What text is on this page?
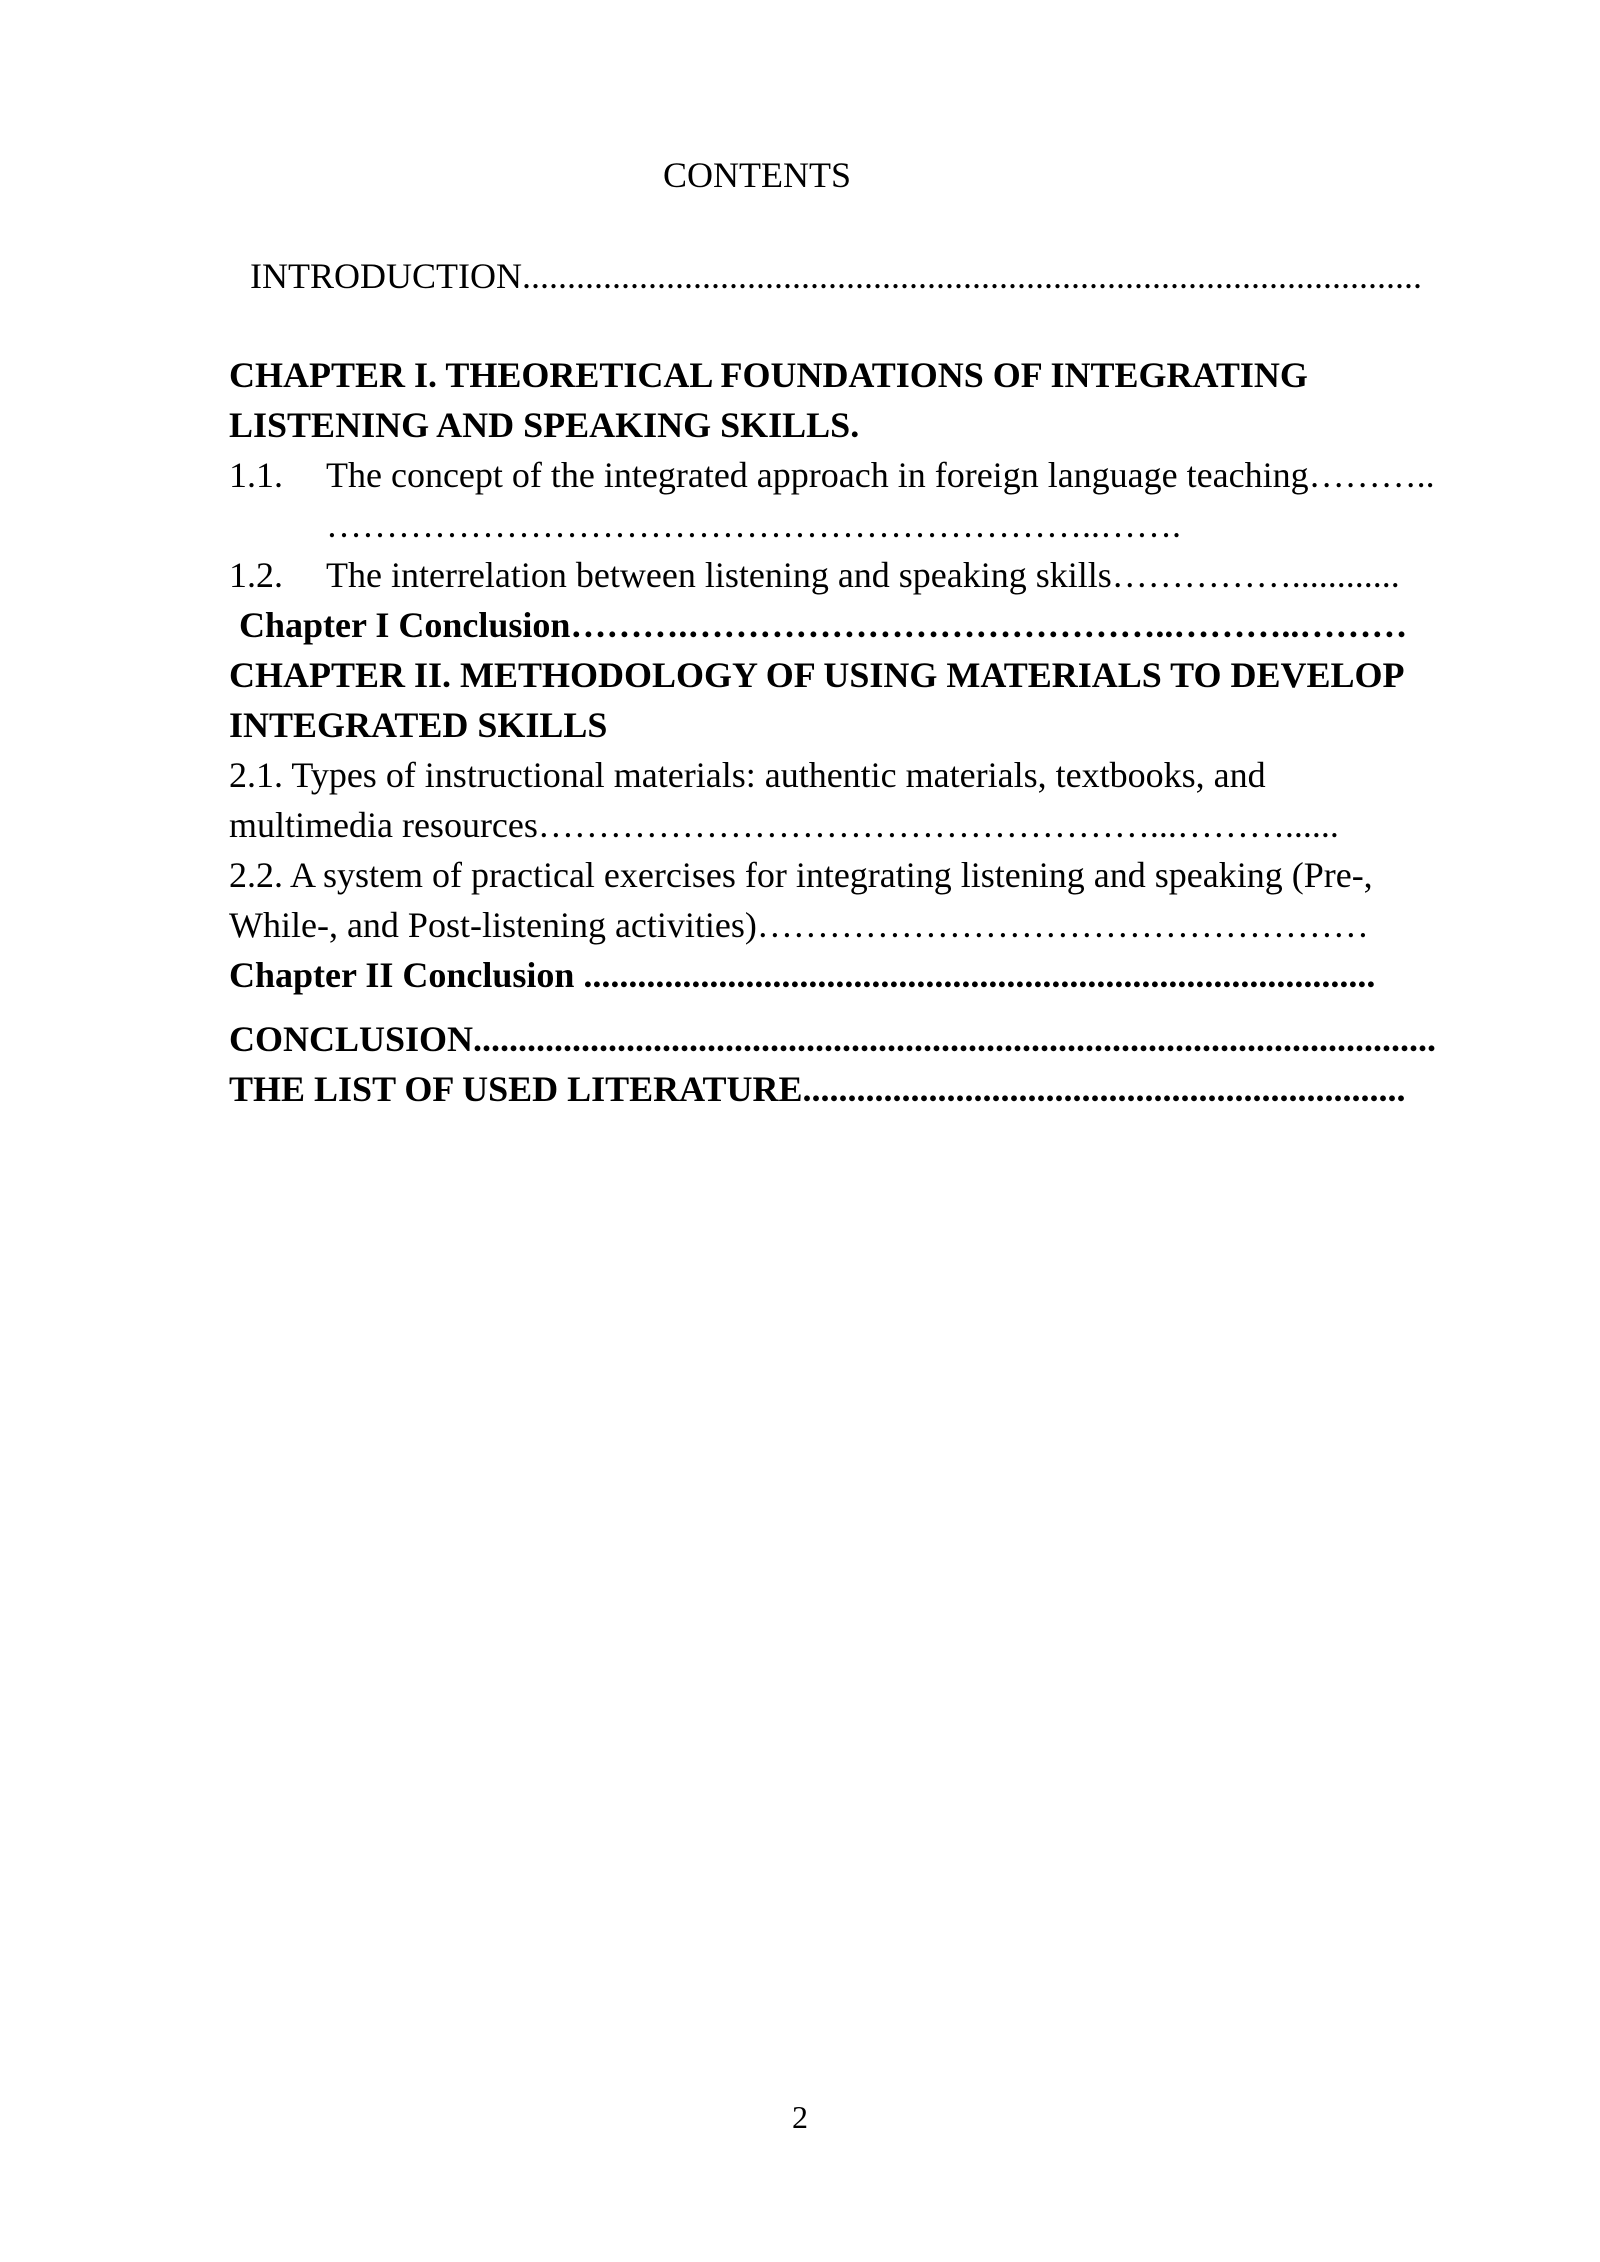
CONTENTS
INTRODUCTION....................................................................................................
CHAPTER I. THEORETICAL FOUNDATIONS OF INTEGRATING
LISTENING AND SPEAKING SKILLS.
1.1. The concept of the integrated approach in foreign language teaching………..
………………………………………………………..…….
1.2. The interrelation between listening and speaking skills……………............
Chapter I Conclusion……….…………………………………..………..………
CHAPTER II. METHODOLOGY OF USING MATERIALS TO DEVELOP
INTEGRATED SKILLS
2.1. Types of instructional materials: authentic materials, textbooks, and
multimedia resources……………………………………………...………......
2.2. A system of practical exercises for integrating listening and speaking (Pre-,
While-, and Post-listening activities)……………………………………………
Chapter II Conclusion ........................................................................................
CONCLUSION...........................................................................................................
THE LIST OF USED LITERATURE...................................................................
2
